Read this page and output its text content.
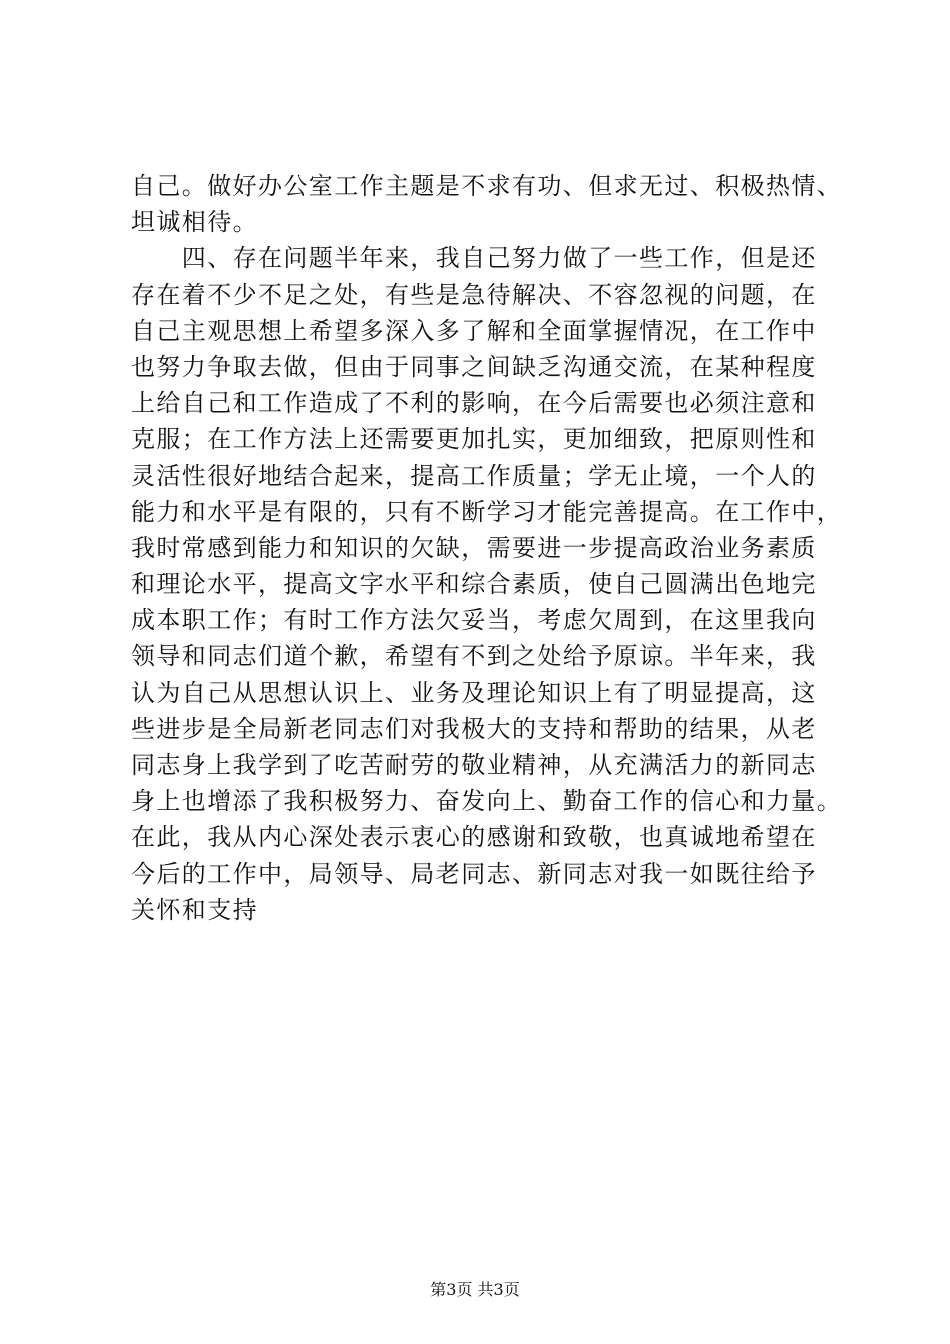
自己。做好办公室工作主题是不求有功、但求无过、积极热情、
坦诚相待。
　　四、存在问题半年来，我自己努力做了一些工作，但是还
存在着不少不足之处，有些是急待解决、不容忽视的问题，在
自己主观思想上希望多深入多了解和全面掌握情况，在工作中
也努力争取去做，但由于同事之间缺乏沟通交流，在某种程度
上给自己和工作造成了不利的影响，在今后需要也必须注意和
克服；在工作方法上还需要更加扎实，更加细致，把原则性和
灵活性很好地结合起来，提高工作质量；学无止境，一个人的
能力和水平是有限的，只有不断学习才能完善提高。在工作中，
我时常感到能力和知识的欠缺，需要进一步提高政治业务素质
和理论水平，提高文字水平和综合素质，使自己圆满出色地完
成本职工作；有时工作方法欠妥当，考虑欠周到，在这里我向
领导和同志们道个歉，希望有不到之处给予原谅。半年来，我
认为自己从思想认识上、业务及理论知识上有了明显提高，这
些进步是全局新老同志们对我极大的支持和帮助的结果，从老
同志身上我学到了吃苦耐劳的敬业精神，从充满活力的新同志
身上也增添了我积极努力、奋发向上、勤奋工作的信心和力量。
在此，我从内心深处表示衷心的感谢和致敬，也真诚地希望在
今后的工作中，局领导、局老同志、新同志对我一如既往给予
关怀和支持
第3页 共3页
